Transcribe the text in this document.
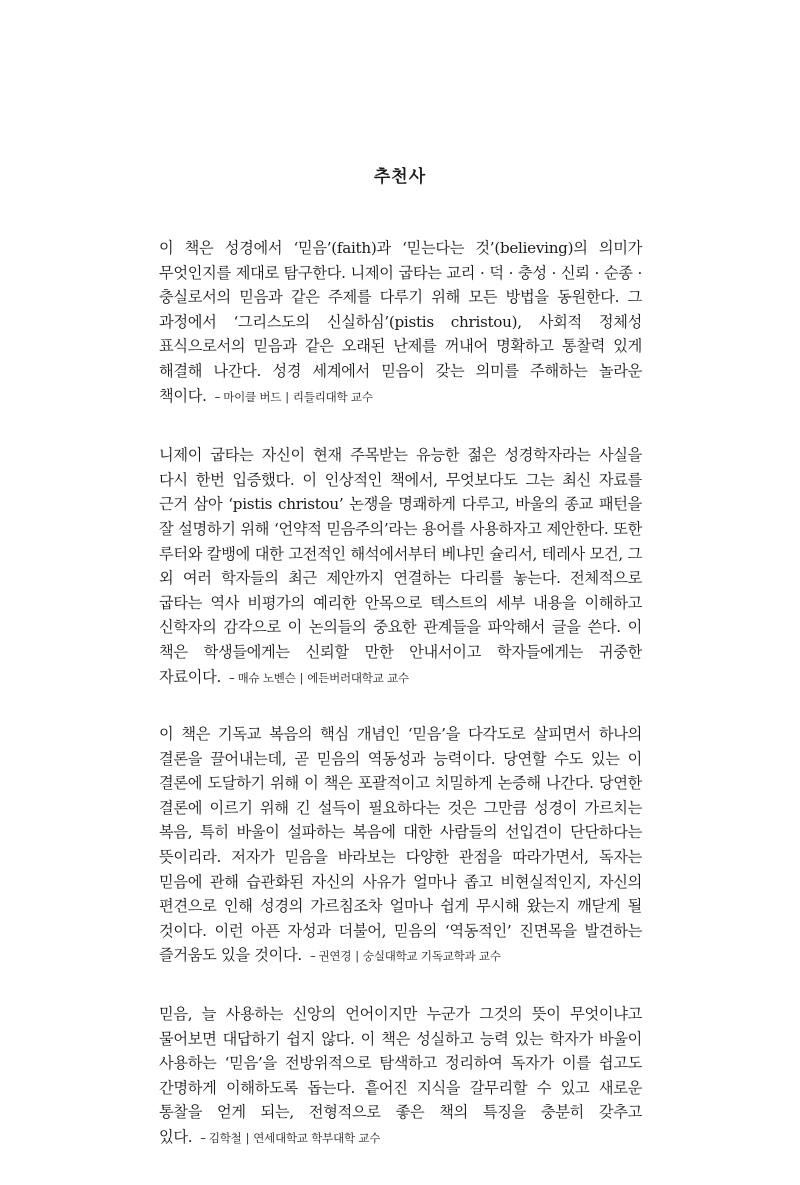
추천사

이 책은 성경에서 ‘믿음’(faith)과 ‘믿는다는 것’(believing)의 의미가 무엇인지를 제대로 탐구한다. 니제이 굽타는 교리 · 덕 · 충성 · 신뢰 · 순종 · 충실로서의 믿음과 같은 주제를 다루기 위해 모든 방법을 동원한다. 그 과정에서 ‘그리스도의 신실하심’(pistis christou), 사회적 정체성 표식으로서의 믿음과 같은 오래된 난제를 꺼내어 명확하고 통찰력 있게 해결해 나간다. 성경 세계에서 믿음이 갖는 의미를 주해하는 놀라운 책이다. – 마이클 버드 | 리들리대학 교수

니제이 굽타는 자신이 현재 주목받는 유능한 젊은 성경학자라는 사실을 다시 한번 입증했다. 이 인상적인 책에서, 무엇보다도 그는 최신 자료를 근거 삼아 ‘pistis christou’ 논쟁을 명쾌하게 다루고, 바울의 종교 패턴을 잘 설명하기 위해 ‘언약적 믿음주의’라는 용어를 사용하자고 제안한다. 또한 루터와 칼뱅에 대한 고전적인 해석에서부터 베냐민 슐리서, 테레사 모건, 그 외 여러 학자들의 최근 제안까지 연결하는 다리를 놓는다. 전체적으로 굽타는 역사 비평가의 예리한 안목으로 텍스트의 세부 내용을 이해하고 신학자의 감각으로 이 논의들의 중요한 관계들을 파악해서 글을 쓴다. 이 책은 학생들에게는 신뢰할 만한 안내서이고 학자들에게는 귀중한 자료이다. – 매슈 노벤슨 | 에든버러대학교 교수

이 책은 기독교 복음의 핵심 개념인 ‘믿음’을 다각도로 살피면서 하나의 결론을 끌어내는데, 곧 믿음의 역동성과 능력이다. 당연할 수도 있는 이 결론에 도달하기 위해 이 책은 포괄적이고 치밀하게 논증해 나간다. 당연한 결론에 이르기 위해 긴 설득이 필요하다는 것은 그만큼 성경이 가르치는 복음, 특히 바울이 설파하는 복음에 대한 사람들의 선입견이 단단하다는 뜻이리라. 저자가 믿음을 바라보는 다양한 관점을 따라가면서, 독자는 믿음에 관해 습관화된 자신의 사유가 얼마나 좁고 비현실적인지, 자신의 편견으로 인해 성경의 가르침조차 얼마나 쉽게 무시해 왔는지 깨닫게 될 것이다. 이런 아픈 자성과 더불어, 믿음의 ‘역동적인’ 진면목을 발견하는 즐거움도 있을 것이다. – 권연경 | 숭실대학교 기독교학과 교수

믿음, 늘 사용하는 신앙의 언어이지만 누군가 그것의 뜻이 무엇이냐고 물어보면 대답하기 쉽지 않다. 이 책은 성실하고 능력 있는 학자가 바울이 사용하는 ‘믿음’을 전방위적으로 탐색하고 정리하여 독자가 이를 쉽고도 간명하게 이해하도록 돕는다. 흩어진 지식을 갈무리할 수 있고 새로운 통찰을 얻게 되는, 전형적으로 좋은 책의 특징을 충분히 갖추고 있다. – 김학철 | 연세대학교 학부대학 교수
